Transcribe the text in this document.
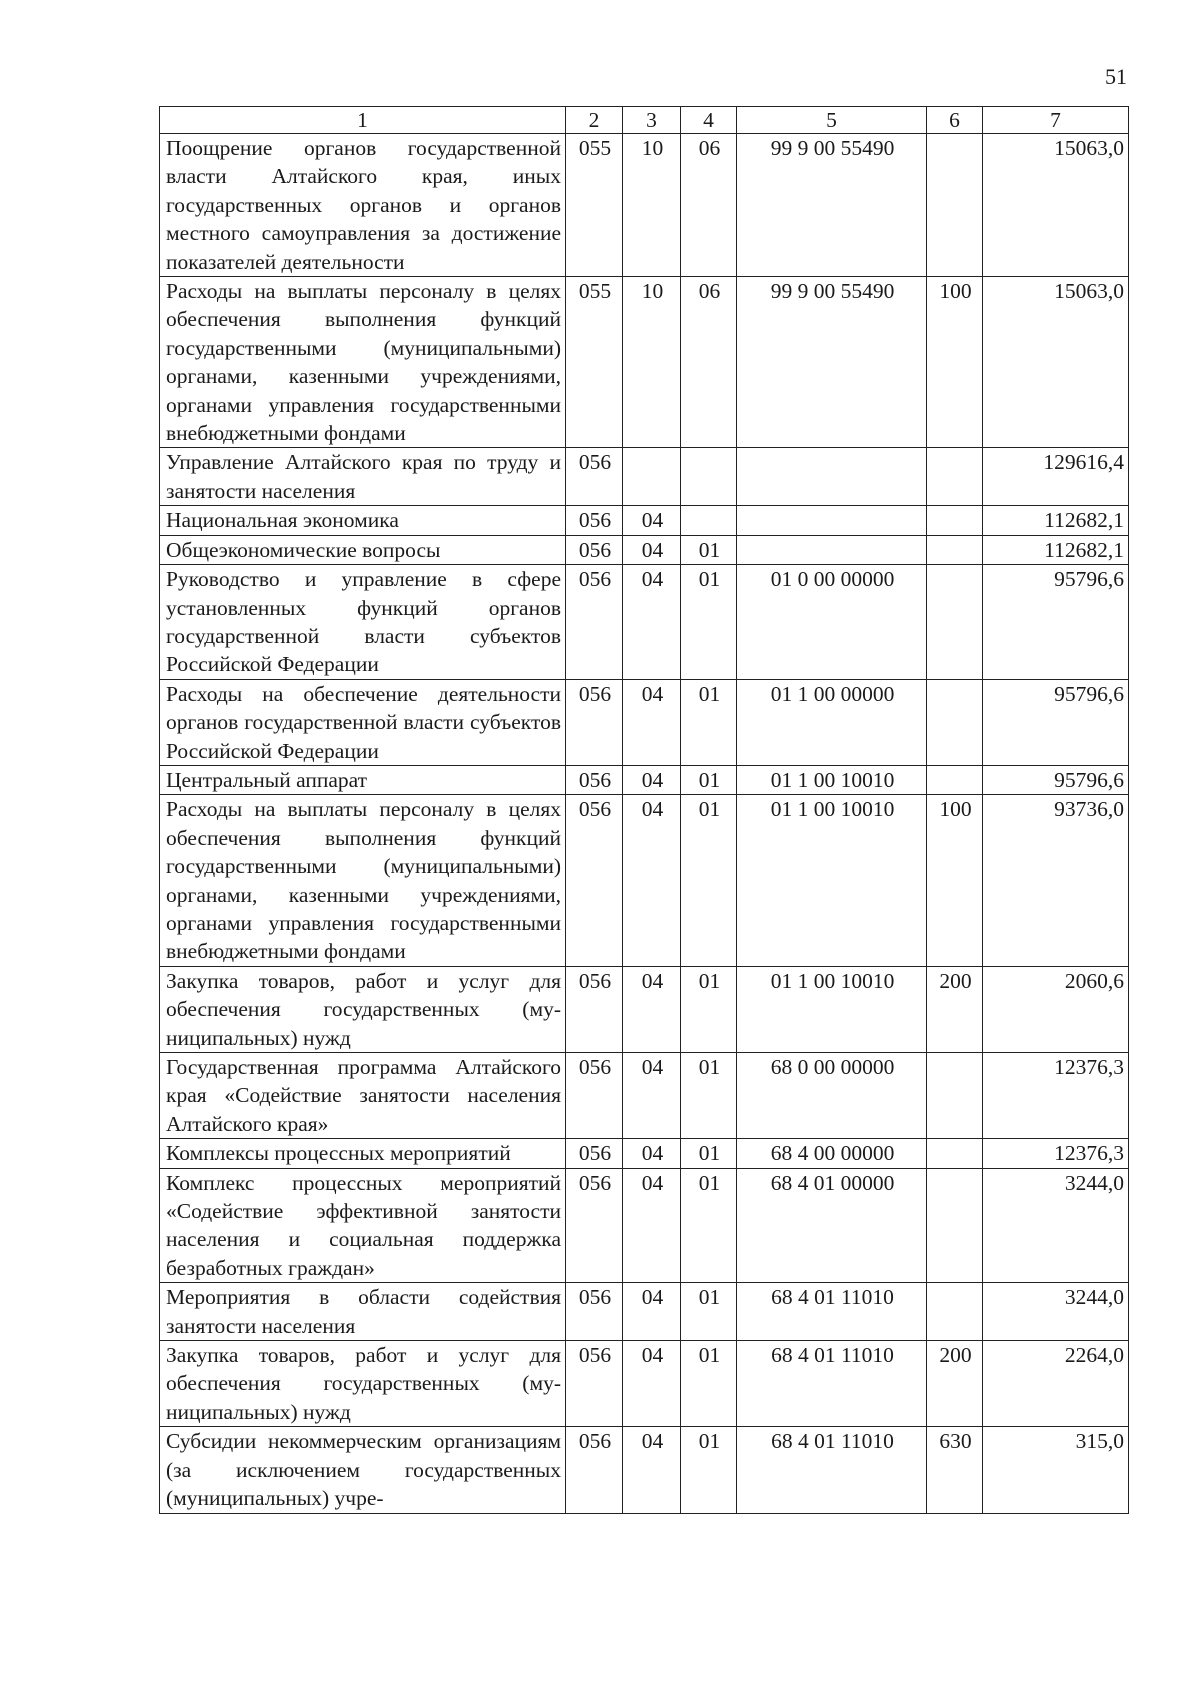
51
1	2	3	4	5	6	7
Поощрение органов государственной власти Алтайского края, иных государственных органов и органов местного самоуправления за достижение показателей деятельности	055	10	06	99 9 00 55490		15063,0
Расходы на выплаты персоналу в целях обеспечения выполнения функций государственными (муниципальными) органами, казенными учреждениями, органами управления государственными внебюджетными фондами	055	10	06	99 9 00 55490	100	15063,0
Управление Алтайского края по труду и занятости населения	056					129616,4
Национальная экономика	056	04				112682,1
Общеэкономические вопросы	056	04	01			112682,1
Руководство и управление в сфере установленных функций органов государственной власти субъектов Российской Федерации	056	04	01	01 0 00 00000		95796,6
Расходы на обеспечение деятельности органов государственной власти субъектов Российской Федерации	056	04	01	01 1 00 00000		95796,6
Центральный аппарат	056	04	01	01 1 00 10010		95796,6
Расходы на выплаты персоналу в целях обеспечения выполнения функций государственными (муниципальными) органами, казенными учреждениями, органами управления государственными внебюджетными фондами	056	04	01	01 1 00 10010	100	93736,0
Закупка товаров, работ и услуг для обеспечения государственных (муниципальных) нужд	056	04	01	01 1 00 10010	200	2060,6
Государственная программа Алтайского края «Содействие занятости населения Алтайского края»	056	04	01	68 0 00 00000		12376,3
Комплексы процессных мероприятий	056	04	01	68 4 00 00000		12376,3
Комплекс процессных мероприятий «Содействие эффективной занятости населения и социальная поддержка безработных граждан»	056	04	01	68 4 01 00000		3244,0
Мероприятия в области содействия занятости населения	056	04	01	68 4 01 11010		3244,0
Закупка товаров, работ и услуг для обеспечения государственных (муниципальных) нужд	056	04	01	68 4 01 11010	200	2264,0
Субсидии некоммерческим организациям (за исключением государственных (муниципальных) учре-	056	04	01	68 4 01 11010	630	315,0
